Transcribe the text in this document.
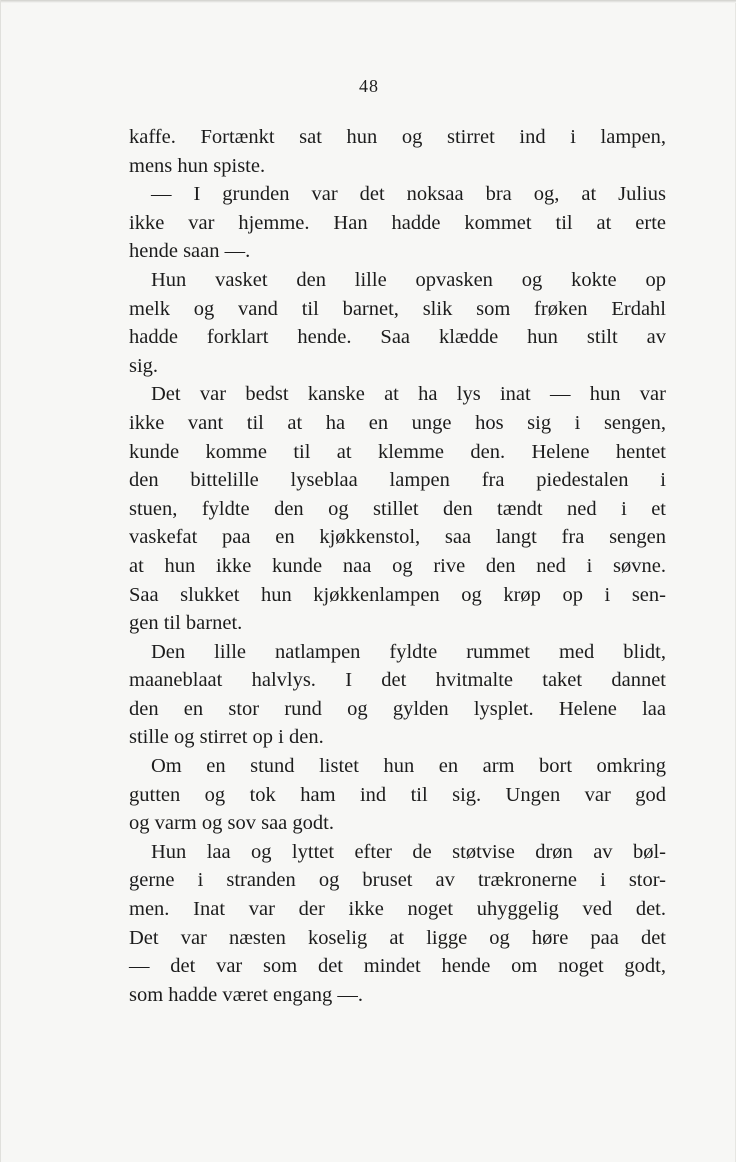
48
kaffe. Fortænkt sat hun og stirret ind i lampen,
mens hun spiste.
— I grunden var det noksaa bra og, at Julius
ikke var hjemme. Han hadde kommet til at erte
hende saan —.
Hun vasket den lille opvasken og kokte op
melk og vand til barnet, slik som frøken Erdahl
hadde forklart hende. Saa klædde hun stilt av
sig.
Det var bedst kanske at ha lys inat — hun var
ikke vant til at ha en unge hos sig i sengen,
kunde komme til at klemme den. Helene hentet
den bittelille lyseblaa lampen fra piedestalen i
stuen, fyldte den og stillet den tændt ned i et
vaskefat paa en kjøkkenstol, saa langt fra sengen
at hun ikke kunde naa og rive den ned i søvne.
Saa slukket hun kjøkkenlampen og krøp op i sen-
gen til barnet.
Den lille natlampen fyldte rummet med blidt,
maaneblaat halvlys. I det hvitmalte taket dannet
den en stor rund og gylden lysplet. Helene laa
stille og stirret op i den.
Om en stund listet hun en arm bort omkring
gutten og tok ham ind til sig. Ungen var god
og varm og sov saa godt.
Hun laa og lyttet efter de støtvise drøn av bøl-
gerne i stranden og bruset av trækronerne i stor-
men. Inat var der ikke noget uhyggelig ved det.
Det var næsten koselig at ligge og høre paa det
— det var som det mindet hende om noget godt,
som hadde været engang —.
